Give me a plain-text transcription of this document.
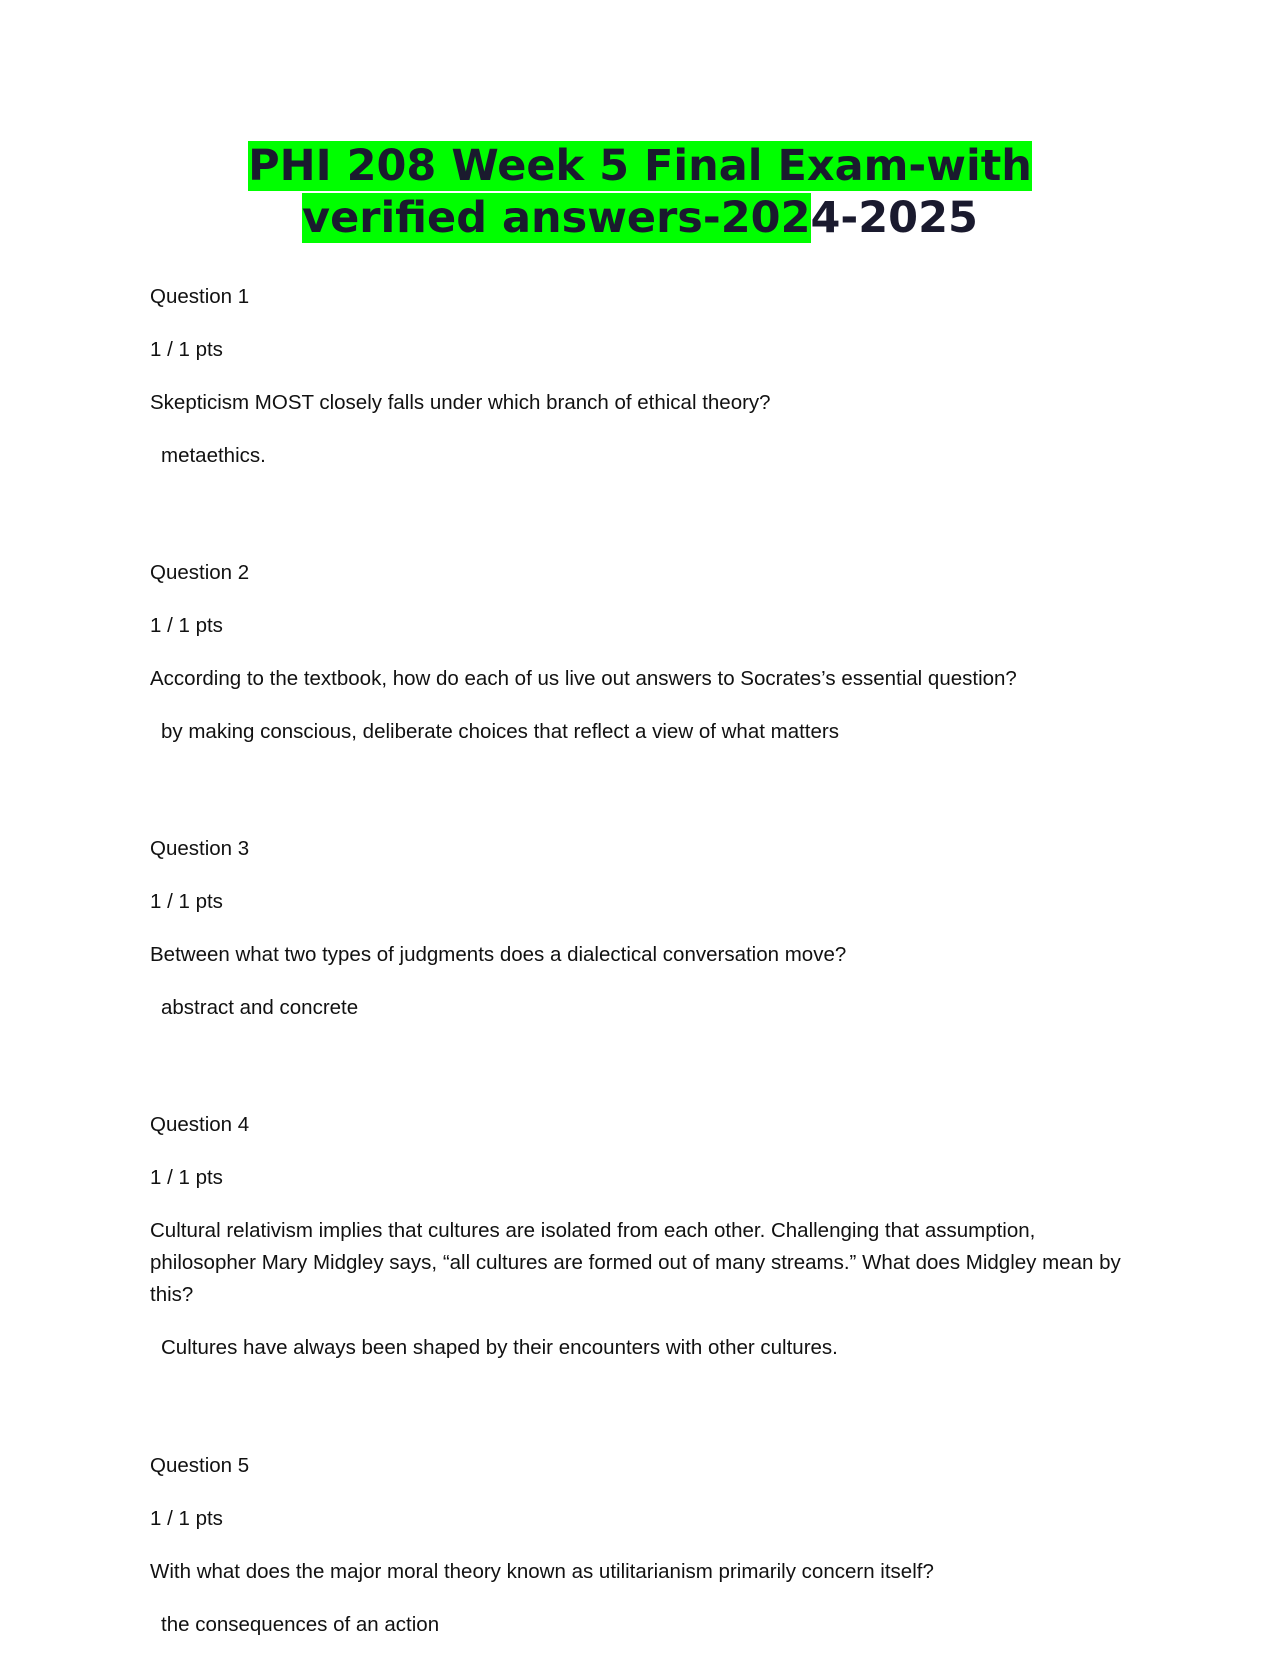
PHI 208 Week 5 Final Exam-with verified answers-2024-2025

Question 1

1 / 1 pts

Skepticism MOST closely falls under which branch of ethical theory?

metaethics.

Question 2

1 / 1 pts

According to the textbook, how do each of us live out answers to Socrates’s essential question?

by making conscious, deliberate choices that reflect a view of what matters

Question 3

1 / 1 pts

Between what two types of judgments does a dialectical conversation move?

abstract and concrete

Question 4

1 / 1 pts

Cultural relativism implies that cultures are isolated from each other. Challenging that assumption, philosopher Mary Midgley says, “all cultures are formed out of many streams.” What does Midgley mean by this?

Cultures have always been shaped by their encounters with other cultures.

Question 5

1 / 1 pts

With what does the major moral theory known as utilitarianism primarily concern itself?

the consequences of an action
